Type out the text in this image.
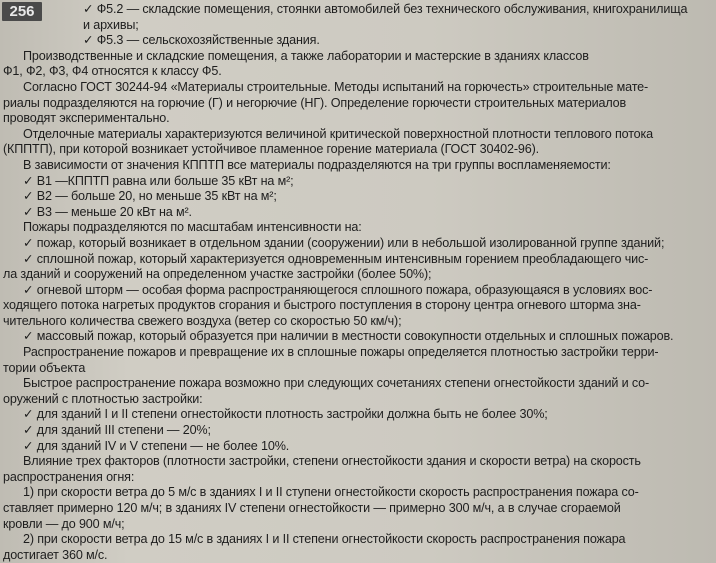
256	✓ Ф5.2 — складские помещения, стоянки автомобилей без технического обслуживания, книгохранилища
и архивы;
✓ Ф5.3 — сельскохозяйственные здания.
Производственные и складские помещения, а также лаборатории и мастерские в зданиях классов
Ф1, Ф2, Ф3, Ф4 относятся к классу Ф5.
Согласно ГОСТ 30244-94 «Материалы строительные. Методы испытаний на горючесть» строительные мате-
риалы подразделяются на горючие (Г) и негорючие (НГ). Определение горючести строительных материалов
проводят экспериментально.
Отделочные материалы характеризуются величиной критической поверхностной плотности теплового потока
(КППТП), при которой возникает устойчивое пламенное горение материала (ГОСТ 30402-96).
В зависимости от значения КППТП все материалы подразделяются на три группы воспламеняемости:
✓ В1 —КППТП равна или больше 35 кВт на м²;
✓ В2 — больше 20, но меньше 35 кВт на м²;
✓ В3 — меньше 20 кВт на м².
Пожары подразделяются по масштабам интенсивности на:
✓ пожар, который возникает в отдельном здании (сооружении) или в небольшой изолированной группе зданий;
✓ сплошной пожар, который характеризуется одновременным интенсивным горением преобладающего чис-
ла зданий и сооружений на определенном участке застройки (более 50%);
✓ огневой шторм — особая форма распространяющегося сплошного пожара, образующаяся в условиях вос-
ходящего потока нагретых продуктов сгорания и быстрого поступления в сторону центра огневого шторма зна-
чительного количества свежего воздуха (ветер со скоростью 50 км/ч);
✓ массовый пожар, который образуется при наличии в местности совокупности отдельных и сплошных пожаров.
Распространение пожаров и превращение их в сплошные пожары определяется плотностью застройки терри-
тории объекта
Быстрое распространение пожара возможно при следующих сочетаниях степени огнестойкости зданий и со-
оружений с плотностью застройки:
✓ для зданий I и II степени огнестойкости плотность застройки должна быть не более 30%;
✓ для зданий III степени — 20%;
✓ для зданий IV и V степени — не более 10%.
Влияние трех факторов (плотности застройки, степени огнестойкости здания и скорости ветра) на скорость
распространения огня:
1) при скорости ветра до 5 м/с в зданиях I и II ступени огнестойкости скорость распространения пожара со-
ставляет примерно 120 м/ч; в зданиях IV степени огнестойкости — примерно 300 м/ч, а в случае сгораемой
кровли — до 900 м/ч;
2) при скорости ветра до 15 м/с в зданиях I и II степени огнестойкости скорость распространения пожара
достигает 360 м/с.
